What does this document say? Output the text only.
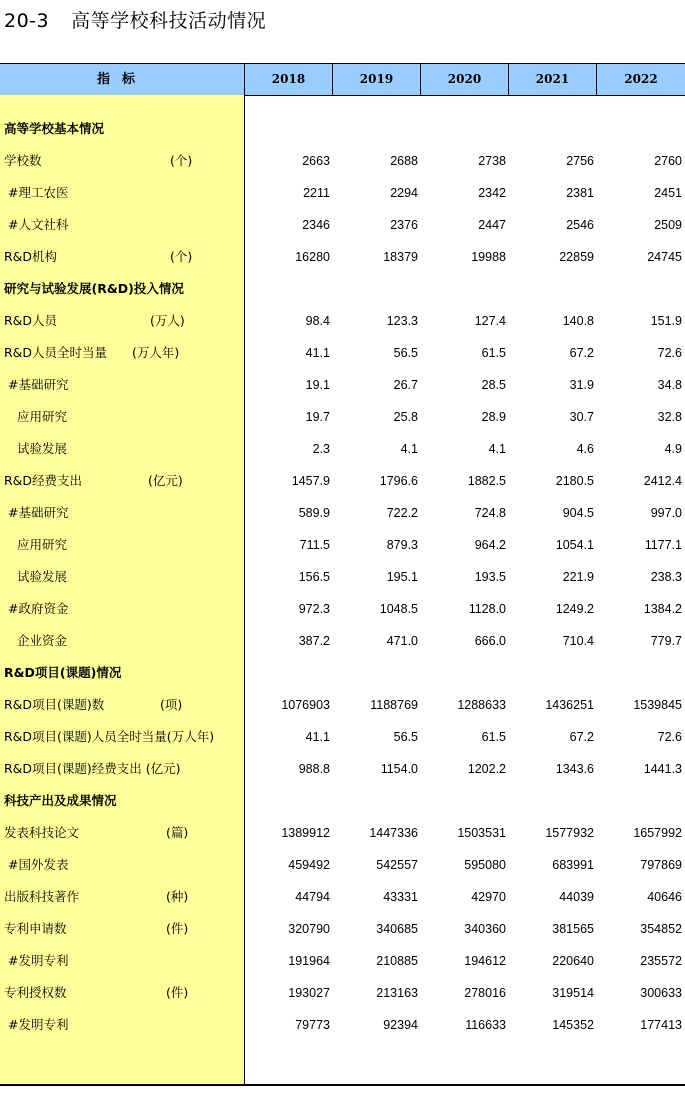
20-3 高等学校科技活动情况
指标	2018	2019	2020	2021	2022
高等学校基本情况
学校数	(个)	2663	2688	2738	2756	2760
#理工农医	2211	2294	2342	2381	2451
#人文社科	2346	2376	2447	2546	2509
R&D机构	(个)	16280	18379	19988	22859	24745
研究与试验发展(R&D)投入情况
R&D人员	(万人)	98.4	123.3	127.4	140.8	151.9
R&D人员全时当量 (万人年)	41.1	56.5	61.5	67.2	72.6
#基础研究	19.1	26.7	28.5	31.9	34.8
应用研究	19.7	25.8	28.9	30.7	32.8
试验发展	2.3	4.1	4.1	4.6	4.9
R&D经费支出	(亿元)	1457.9	1796.6	1882.5	2180.5	2412.4
#基础研究	589.9	722.2	724.8	904.5	997.0
应用研究	711.5	879.3	964.2	1054.1	1177.1
试验发展	156.5	195.1	193.5	221.9	238.3
#政府资金	972.3	1048.5	1128.0	1249.2	1384.2
企业资金	387.2	471.0	666.0	710.4	779.7
R&D项目(课题)情况
R&D项目(课题)数	(项)	1076903	1188769	1288633	1436251	1539845
R&D项目(课题)人员全时当量(万人年)	41.1	56.5	61.5	67.2	72.6
R&D项目(课题)经费支出 (亿元)	988.8	1154.0	1202.2	1343.6	1441.3
科技产出及成果情况
发表科技论文	(篇)	1389912	1447336	1503531	1577932	1657992
#国外发表	459492	542557	595080	683991	797869
出版科技著作	(种)	44794	43331	42970	44039	40646
专利申请数	(件)	320790	340685	340360	381565	354852
#发明专利	191964	210885	194612	220640	235572
专利授权数	(件)	193027	213163	278016	319514	300633
#发明专利	79773	92394	116633	145352	177413
